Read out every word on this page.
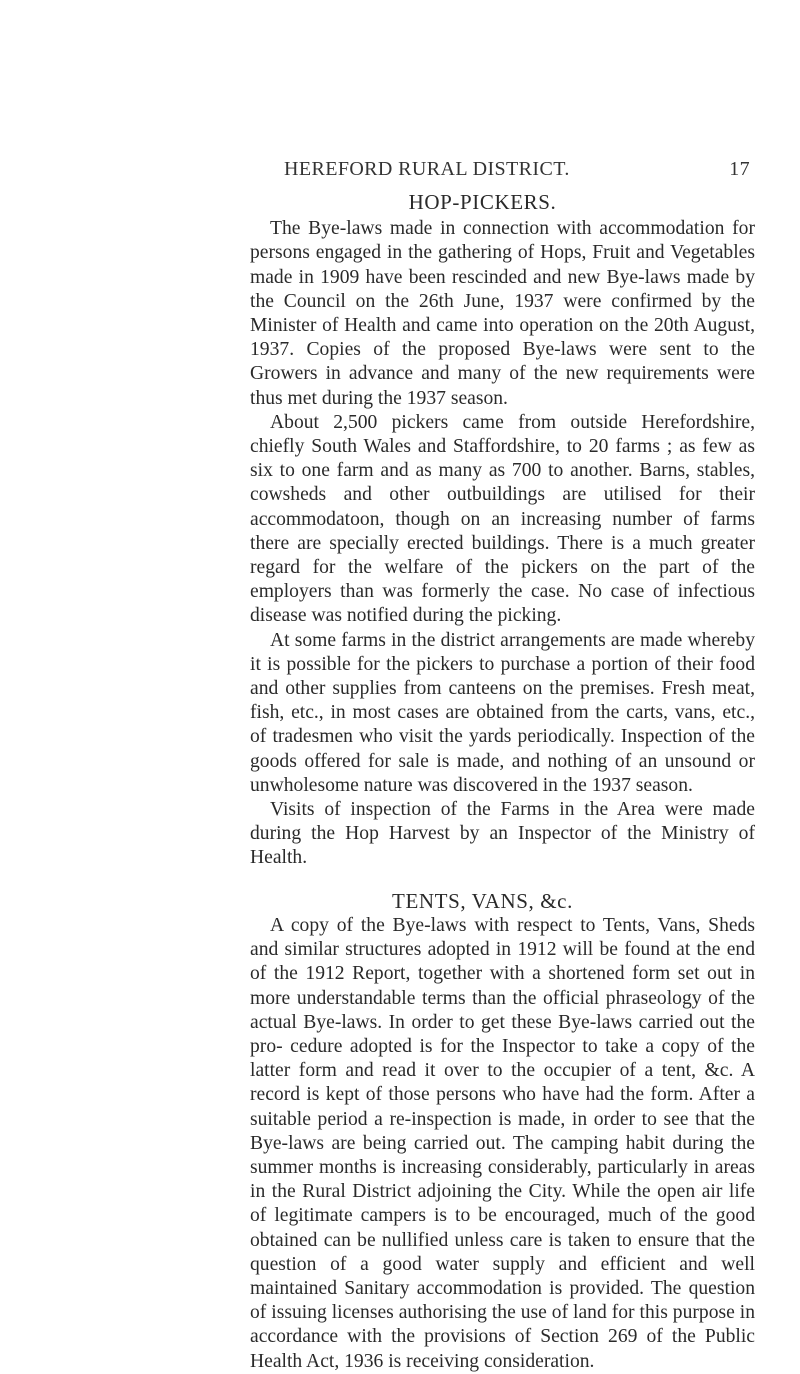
HEREFORD RURAL DISTRICT.	17
HOP-PICKERS.

The Bye-laws made in connection with accommodation for persons engaged in the gathering of Hops, Fruit and Vegetables made in 1909 have been rescinded and new Bye-laws made by the Council on the 26th June, 1937 were confirmed by the Minister of Health and came into operation on the 20th August, 1937. Copies of the proposed Bye-laws were sent to the Growers in advance and many of the new requirements were thus met during the 1937 season.

About 2,500 pickers came from outside Herefordshire, chiefly South Wales and Staffordshire, to 20 farms ; as few as six to one farm and as many as 700 to another. Barns, stables, cowsheds and other outbuildings are utilised for their accommodatoon, though on an increasing number of farms there are specially erected buildings. There is a much greater regard for the welfare of the pickers on the part of the employers than was formerly the case. No case of infectious disease was notified during the picking.

At some farms in the district arrangements are made whereby it is possible for the pickers to purchase a portion of their food and other supplies from canteens on the premises. Fresh meat, fish, etc., in most cases are obtained from the carts, vans, etc., of tradesmen who visit the yards periodically. Inspection of the goods offered for sale is made, and nothing of an unsound or unwholesome nature was discovered in the 1937 season.

Visits of inspection of the Farms in the Area were made during the Hop Harvest by an Inspector of the Ministry of Health.

TENTS, VANS, &c.

A copy of the Bye-laws with respect to Tents, Vans, Sheds and similar structures adopted in 1912 will be found at the end of the 1912 Report, together with a shortened form set out in more understandable terms than the official phraseology of the actual Bye-laws. In order to get these Bye-laws carried out the pro- cedure adopted is for the Inspector to take a copy of the latter form and read it over to the occupier of a tent, &c. A record is kept of those persons who have had the form. After a suitable period a re-inspection is made, in order to see that the Bye-laws are being carried out. The camping habit during the summer months is increasing considerably, particularly in areas in the Rural District adjoining the City. While the open air life of legitimate campers is to be encouraged, much of the good obtained can be nullified unless care is taken to ensure that the question of a good water supply and efficient and well maintained Sanitary accommodation is provided. The question of issuing licenses authorising the use of land for this purpose in accordance with the provisions of Section 269 of the Public Health Act, 1936 is receiving consideration.
